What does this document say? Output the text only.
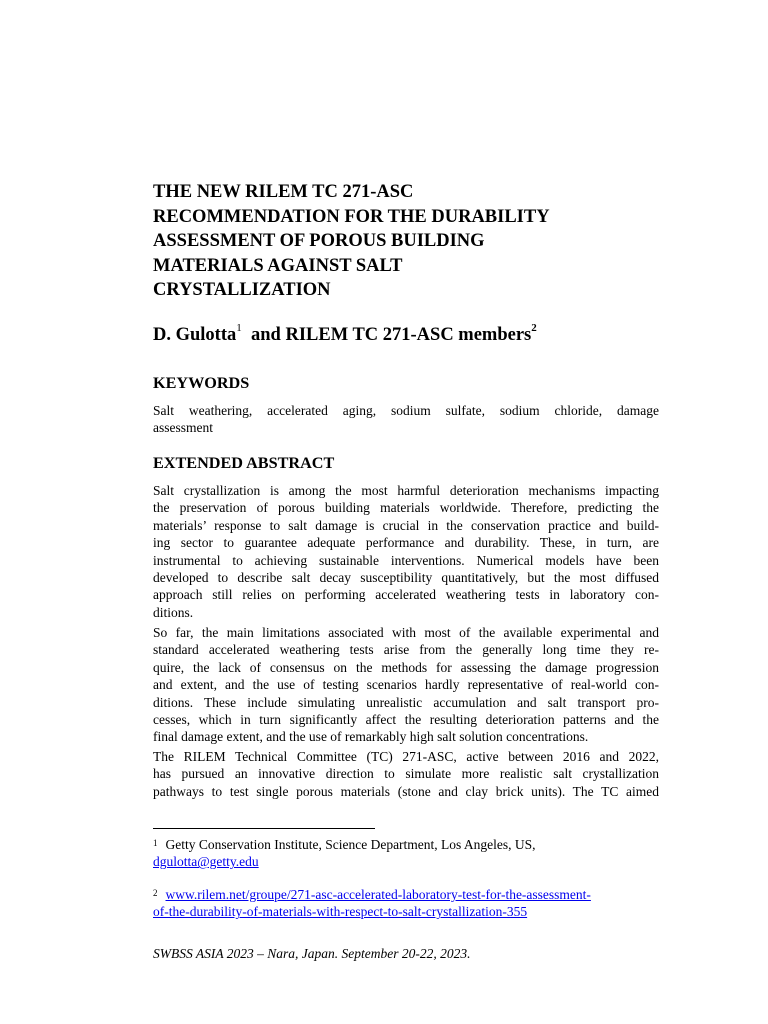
THE NEW RILEM TC 271-ASC
RECOMMENDATION FOR THE DURABILITY
ASSESSMENT OF POROUS BUILDING
MATERIALS AGAINST SALT
CRYSTALLIZATION

D. Gulotta$^1$ and RILEM TC 271-ASC members$^2$

KEYWORDS

Salt weathering, accelerated aging, sodium sulfate, sodium chloride, damage
assessment

EXTENDED ABSTRACT

Salt crystallization is among the most harmful deterioration mechanisms impacting
the preservation of porous building materials worldwide. Therefore, predicting the
materials’ response to salt damage is crucial in the conservation practice and build-
ing sector to guarantee adequate performance and durability. These, in turn, are
instrumental to achieving sustainable interventions. Numerical models have been
developed to describe salt decay susceptibility quantitatively, but the most diffused
approach still relies on performing accelerated weathering tests in laboratory con-
ditions.

So far, the main limitations associated with most of the available experimental and
standard accelerated weathering tests arise from the generally long time they re-
quire, the lack of consensus on the methods for assessing the damage progression
and extent, and the use of testing scenarios hardly representative of real-world con-
ditions. These include simulating unrealistic accumulation and salt transport pro-
cesses, which in turn significantly affect the resulting deterioration patterns and the
final damage extent, and the use of remarkably high salt solution concentrations.

The RILEM Technical Committee (TC) 271-ASC, active between 2016 and 2022,
has pursued an innovative direction to simulate more realistic salt crystallization
pathways to test single porous materials (stone and clay brick units). The TC aimed

$^1$ Getty Conservation Institute, Science Department, Los Angeles, US,
dgulotta@getty.edu

$^2$ www.rilem.net/groupe/271-asc-accelerated-laboratory-test-for-the-assessment-
of-the-durability-of-materials-with-respect-to-salt-crystallization-355

SWBSS ASIA 2023 – Nara, Japan. September 20-22, 2023.
